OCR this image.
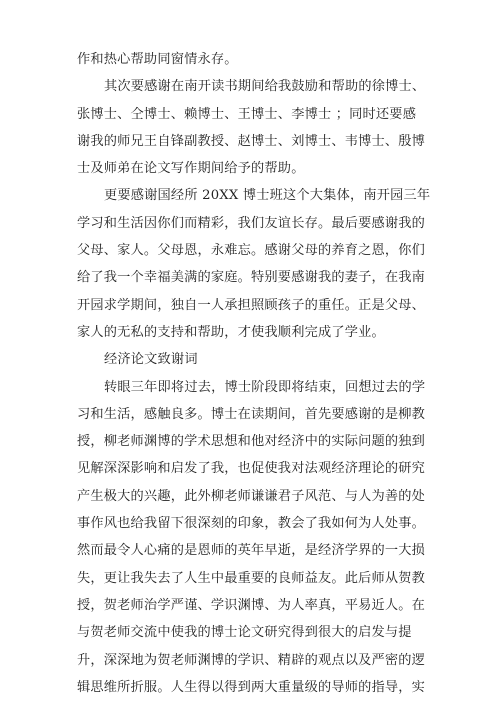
作和热心帮助同窗情永存。
其次要感谢在南开读书期间给我鼓励和帮助的徐博士、
张博士、仝博士、赖博士、王博士、李博士 ；同时还要感
谢我的师兄王自锋副教授、赵博士、刘博士、韦博士、殷博
士及师弟在论文写作期间给予的帮助。
更要感谢国经所 20XX 博士班这个大集体，南开园三年
学习和生活因你们而精彩，我们友谊长存。最后要感谢我的
父母、家人。父母恩，永难忘。感谢父母的养育之恩，你们
给了我一个幸福美满的家庭。特别要感谢我的妻子，在我南
开园求学期间，独自一人承担照顾孩子的重任。正是父母、
家人的无私的支持和帮助，才使我顺利完成了学业。
经济论文致谢词
转眼三年即将过去，博士阶段即将结束，回想过去的学
习和生活，感触良多。博士在读期间，首先要感谢的是柳教
授，柳老师渊博的学术思想和他对经济中的实际问题的独到
见解深深影响和启发了我，也促使我对法观经济理论的研究
产生极大的兴趣，此外柳老师谦谦君子风范、与人为善的处
事作风也给我留下很深刻的印象，教会了我如何为人处事。
然而最令人心痛的是恩师的英年早逝，是经济学界的一大损
失，更让我失去了人生中最重要的良师益友。此后师从贺教
授，贺老师治学严谨、学识渊博、为人率真，平易近人。在
与贺老师交流中使我的博士论文研究得到很大的启发与提
升，深深地为贺老师渊博的学识、精辟的观点以及严密的逻
辑思维所折服。人生得以得到两大重量级的导师的指导，实
